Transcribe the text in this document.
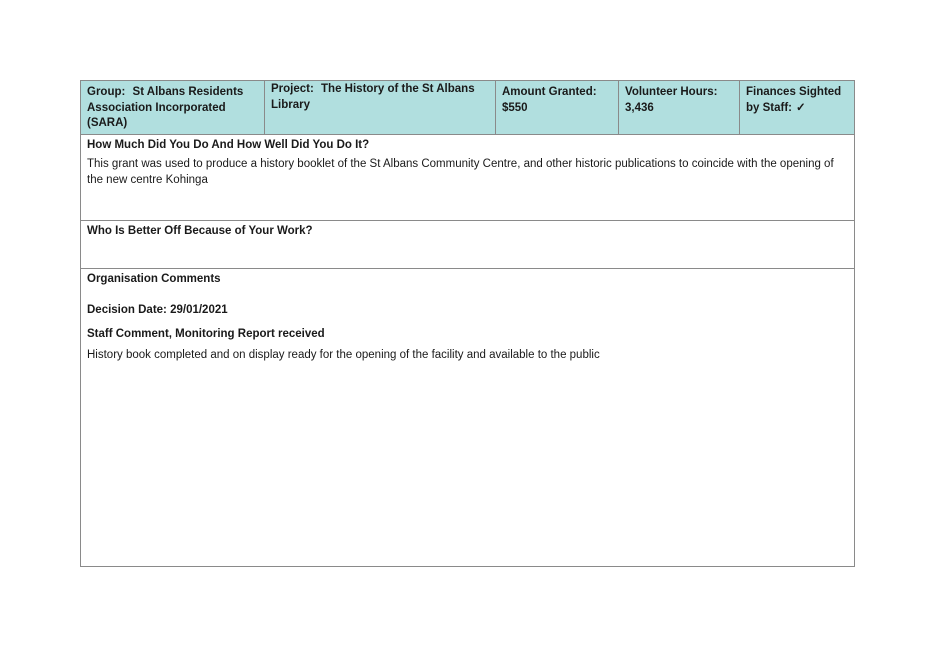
Group: St Albans Residents Association Incorporated (SARA)
Project: The History of the St Albans Library
Amount Granted:
$550
Volunteer Hours:
3,436
Finances Sighted by Staff: ✓
How Much Did You Do And How Well Did You Do It?
This grant was used to produce a history booklet of the St Albans Community Centre, and other historic publications to coincide with the opening of the new centre Kohinga
Who Is Better Off Because of Your Work?
Organisation Comments
Decision Date: 29/01/2021
Staff Comment, Monitoring Report received
History book completed and on display ready for the opening of the facility and available to the public
